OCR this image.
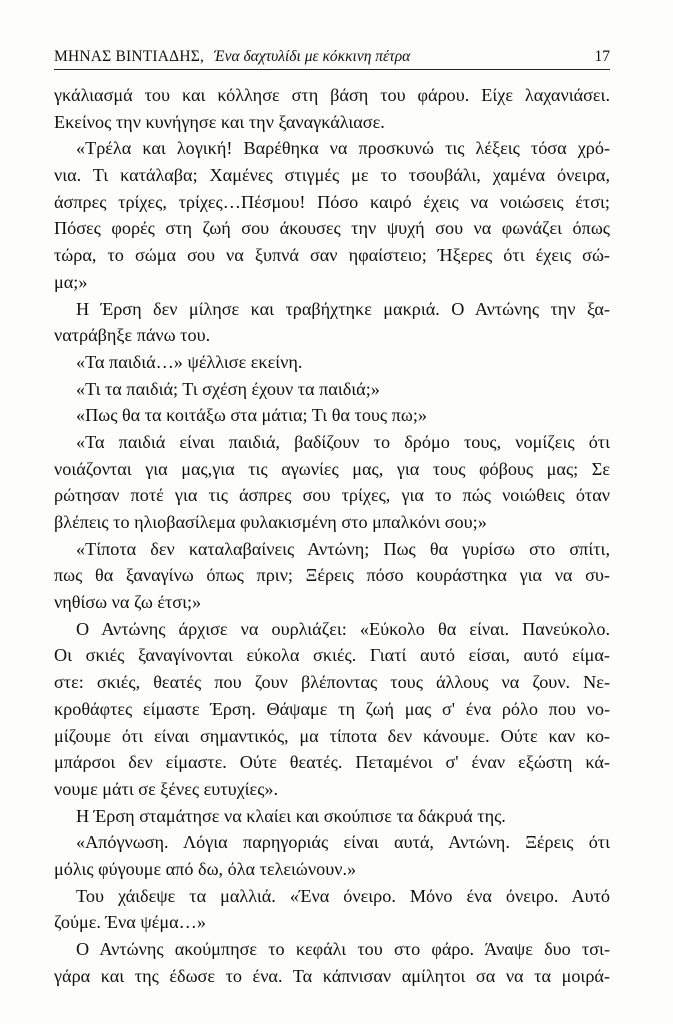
ΜΗΝΑΣ ΒΙΝΤΙΑΔΗΣ, Ένα δαχτυλίδι με κόκκινη πέτρα	17
γκάλιασμά του και κόλλησε στη βάση του φάρου. Είχε λαχανιάσει.
Εκείνος την κυνήγησε και την ξαναγκάλιασε.
«Τρέλα και λογική! Βαρέθηκα να προσκυνώ τις λέξεις τόσα χρό-
νια. Τι κατάλαβα; Χαμένες στιγμές με το τσουβάλι, χαμένα όνειρα,
άσπρες τρίχες, τρίχες…Πέσμου! Πόσο καιρό έχεις να νοιώσεις έτσι;
Πόσες φορές στη ζωή σου άκουσες την ψυχή σου να φωνάζει όπως
τώρα, το σώμα σου να ξυπνά σαν ηφαίστειο; Ήξερες ότι έχεις σώ-
μα;»
Η Έρση δεν μίλησε και τραβήχτηκε μακριά. Ο Αντώνης την ξα-
νατράβηξε πάνω του.
«Τα παιδιά…» ψέλλισε εκείνη.
«Τι τα παιδιά; Τι σχέση έχουν τα παιδιά;»
«Πως θα τα κοιτάξω στα μάτια; Τι θα τους πω;»
«Τα παιδιά είναι παιδιά, βαδίζουν το δρόμο τους, νομίζεις ότι
νοιάζονται για μας,για τις αγωνίες μας, για τους φόβους μας; Σε
ρώτησαν ποτέ για τις άσπρες σου τρίχες, για το πώς νοιώθεις όταν
βλέπεις το ηλιοβασίλεμα φυλακισμένη στο μπαλκόνι σου;»
«Τίποτα δεν καταλαβαίνεις Αντώνη; Πως θα γυρίσω στο σπίτι,
πως θα ξαναγίνω όπως πριν; Ξέρεις πόσο κουράστηκα για να συ-
νηθίσω να ζω έτσι;»
Ο Αντώνης άρχισε να ουρλιάζει: «Εύκολο θα είναι. Πανεύκολο.
Οι σκιές ξαναγίνονται εύκολα σκιές. Γιατί αυτό είσαι, αυτό είμα-
στε: σκιές, θεατές που ζουν βλέποντας τους άλλους να ζουν. Νε-
κροθάφτες είμαστε Έρση. Θάψαμε τη ζωή μας σ' ένα ρόλο που νο-
μίζουμε ότι είναι σημαντικός, μα τίποτα δεν κάνουμε. Ούτε καν κο-
μπάρσοι δεν είμαστε. Ούτε θεατές. Πεταμένοι σ' έναν εξώστη κά-
νουμε μάτι σε ξένες ευτυχίες».
Η Έρση σταμάτησε να κλαίει και σκούπισε τα δάκρυά της.
«Απόγνωση. Λόγια παρηγοριάς είναι αυτά, Αντώνη. Ξέρεις ότι
μόλις φύγουμε από δω, όλα τελειώνουν.»
Του χάιδεψε τα μαλλιά. «Ένα όνειρο. Μόνο ένα όνειρο. Αυτό
ζούμε. Ένα ψέμα…»
Ο Αντώνης ακούμπησε το κεφάλι του στο φάρο. Άναψε δυο τσι-
γάρα και της έδωσε το ένα. Τα κάπνισαν αμίλητοι σα να τα μοιρά-
